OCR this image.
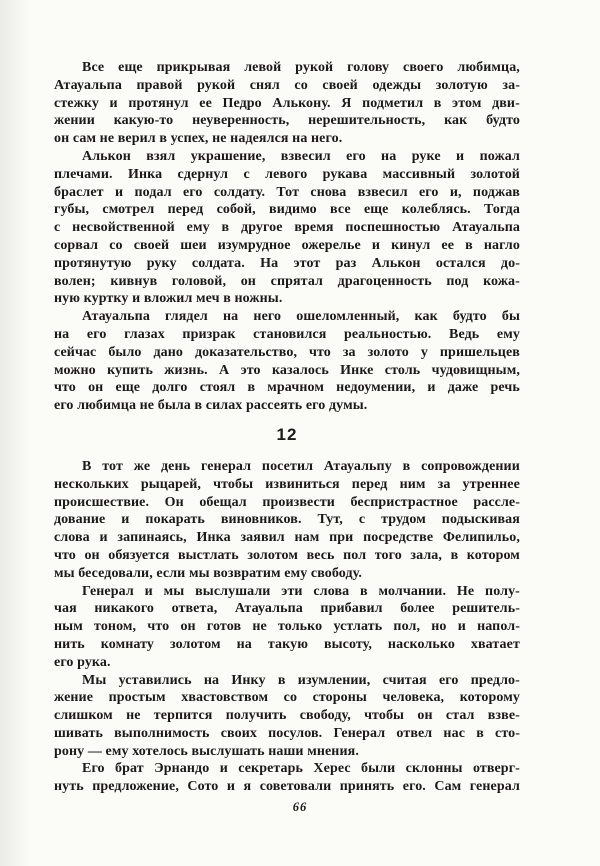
Все еще прикрывая левой рукой голову своего любимца,
Атауальпа правой рукой снял со своей одежды золотую за-
стежку и протянул ее Педро Алькону. Я подметил в этом дви-
жении какую-то неуверенность, нерешительность, как будто
он сам не верил в успех, не надеялся на него.
Алькон взял украшение, взвесил его на руке и пожал
плечами. Инка сдернул с левого рукава массивный золотой
браслет и подал его солдату. Тот снова взвесил его и, поджав
губы, смотрел перед собой, видимо все еще колеблясь. Тогда
с несвойственной ему в другое время поспешностью Атауальпа
сорвал со своей шеи изумрудное ожерелье и кинул ее в нагло
протянутую руку солдата. На этот раз Алькон остался до-
волен; кивнув головой, он спрятал драгоценность под кожа-
ную куртку и вложил меч в ножны.
Атауальпа глядел на него ошеломленный, как будто бы
на его глазах призрак становился реальностью. Ведь ему
сейчас было дано доказательство, что за золото у пришельцев
можно купить жизнь. А это казалось Инке столь чудовищным,
что он еще долго стоял в мрачном недоумении, и даже речь
его любимца не была в силах рассеять его думы.
12
В тот же день генерал посетил Атауальпу в сопровождении
нескольких рыцарей, чтобы извиниться перед ним за утреннее
происшествие. Он обещал произвести беспристрастное рассле-
дование и покарать виновников. Тут, с трудом подыскивая
слова и запинаясь, Инка заявил нам при посредстве Фелипильо,
что он обязуется выстлать золотом весь пол того зала, в котором
мы беседовали, если мы возвратим ему свободу.
Генерал и мы выслушали эти слова в молчании. Не полу-
чая никакого ответа, Атауальпа прибавил более решитель-
ным тоном, что он готов не только устлать пол, но и напол-
нить комнату золотом на такую высоту, насколько хватает
его рука.
Мы уставились на Инку в изумлении, считая его предло-
жение простым хвастовством со стороны человека, которому
слишком не терпится получить свободу, чтобы он стал взве-
шивать выполнимость своих посулов. Генерал отвел нас в сто-
рону — ему хотелось выслушать наши мнения.
Его брат Эрнандо и секретарь Херес были склонны отверг-
нуть предложение, Сото и я советовали принять его. Сам генерал
66
